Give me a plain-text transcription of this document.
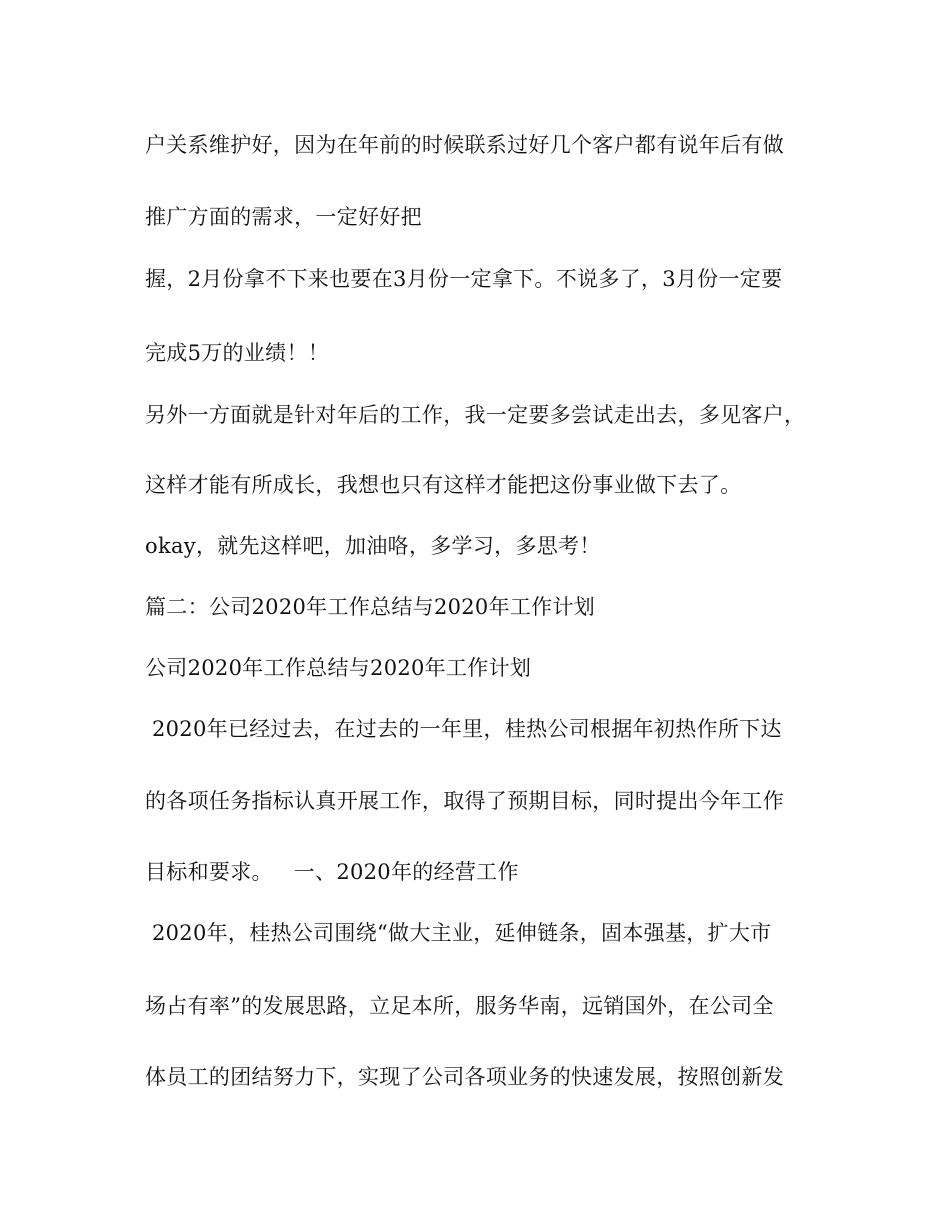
户关系维护好，因为在年前的时候联系过好几个客户都有说年后有做
推广方面的需求，一定好好把
握，2月份拿不下来也要在3月份一定拿下。不说多了，3月份一定要
完成5万的业绩！！
另外一方面就是针对年后的工作，我一定要多尝试走出去，多见客户，
这样才能有所成长，我想也只有这样才能把这份事业做下去了。
okay，就先这样吧，加油咯，多学习，多思考！
篇二：公司2020年工作总结与2020年工作计划
公司2020年工作总结与2020年工作计划
2020年已经过去，在过去的一年里，桂热公司根据年初热作所下达
的各项任务指标认真开展工作，取得了预期目标，同时提出今年工作
目标和要求。   一、2020年的经营工作
2020年，桂热公司围绕“做大主业，延伸链条，固本强基，扩大市
场占有率”的发展思路，立足本所，服务华南，远销国外，在公司全
体员工的团结努力下，实现了公司各项业务的快速发展，按照创新发
